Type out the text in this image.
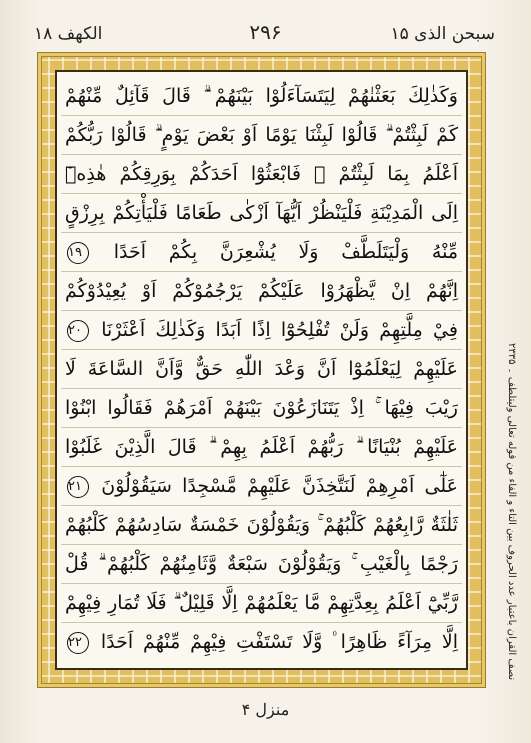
سبحن الذی ۱۵
۲۹۶
الکھف ۱۸
وَكَذٰلِكَ بَعَثْنٰهُمْ لِيَتَسَآءَلُوْا بَيْنَهُمْ ۗ قَالَ قَآئِلٌ مِّنْهُمْ
كَمْ لَبِثْتُمْ ۗ قَالُوْا لَبِثْنَا يَوْمًا اَوْ بَعْضَ يَوْمٍ ۗ قَالُوْا رَبُّكُمْ
اَعْلَمُ بِمَا لَبِثْتُمْ ۗ فَابْعَثُوْٓا اَحَدَكُمْ بِوَرِقِكُمْ هٰذِهٖٓ
اِلَى الْمَدِيْنَةِ فَلْيَنْظُرْ اَيُّهَآ اَزْكٰى طَعَامًا فَلْيَأْتِكُمْ بِرِزْقٍ
مِّنْهُ وَلْيَتَلَطَّفْ وَلَا يُشْعِرَنَّ بِكُمْ اَحَدًا ۱۹
اِنَّهُمْ اِنْ يَّظْهَرُوْا عَلَيْكُمْ يَرْجُمُوْكُمْ اَوْ يُعِيْدُوْكُمْ
فِيْ مِلَّتِهِمْ وَلَنْ تُفْلِحُوْٓا اِذًا اَبَدًا وَكَذٰلِكَ اَعْثَرْنَا ۲۰
عَلَيْهِمْ لِيَعْلَمُوْٓا اَنَّ وَعْدَ اللّٰهِ حَقٌّ وَّاَنَّ السَّاعَةَ لَا
رَيْبَ فِيْهَا ۚ اِذْ يَتَنَازَعُوْنَ بَيْنَهُمْ اَمْرَهُمْ فَقَالُوا ابْنُوْا
عَلَيْهِمْ بُنْيَانًا ۗ رَبُّهُمْ اَعْلَمُ بِهِمْ ۗ قَالَ الَّذِيْنَ غَلَبُوْا
عَلٰٓى اَمْرِهِمْ لَنَتَّخِذَنَّ عَلَيْهِمْ مَّسْجِدًا سَيَقُوْلُوْنَ ۲۱
ثَلٰثَةٌ رَّابِعُهُمْ كَلْبُهُمْ ۚ وَيَقُوْلُوْنَ خَمْسَةٌ سَادِسُهُمْ كَلْبُهُمْ
رَجْمًا بِالْغَيْبِ ۚ وَيَقُوْلُوْنَ سَبْعَةٌ وَّثَامِنُهُمْ كَلْبُهُمْ ۗ قُلْ
رَّبِّيْٓ اَعْلَمُ بِعِدَّتِهِمْ مَّا يَعْلَمُهُمْ اِلَّا قَلِيْلٌ ۗ فَلَا تُمَارِ فِيْهِمْ
اِلَّا مِرَآءً ظَاهِرًا ۠ وَّلَا تَسْتَفْتِ فِيْهِمْ مِّنْهُمْ اَحَدًا ۲۲
نصف القرآن باعتبار عدد الحروف بين التاء و الفاء من قوله تعالى وليتلطف ۔ ۲۳۳۵
منزل ۴
